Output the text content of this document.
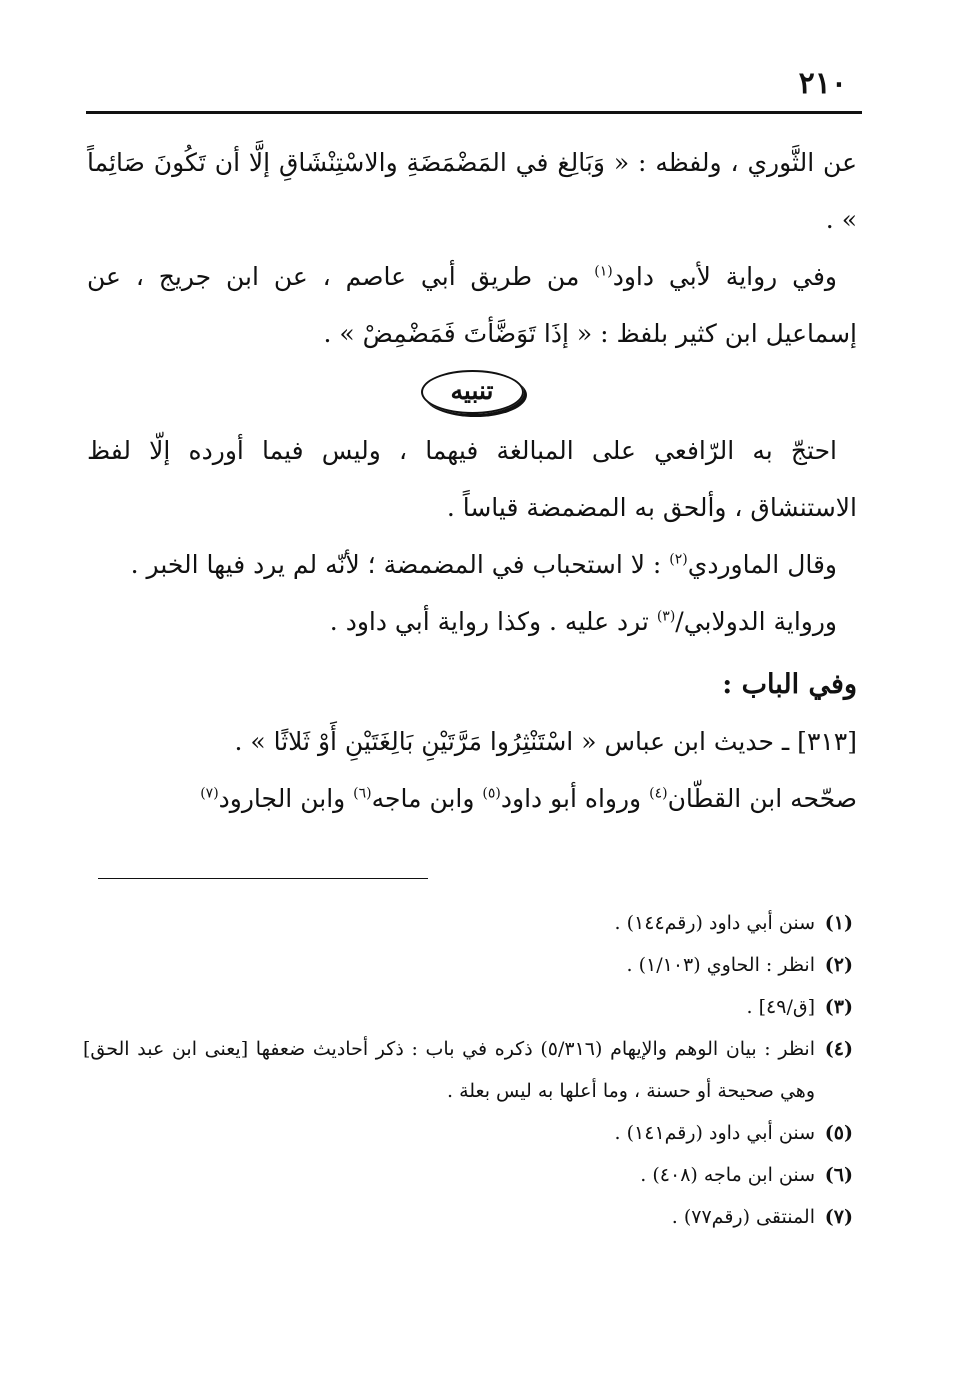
٢١٠

عن الثَّوري ، ولفظه : « وَبَالِغ في المَضْمَضَةِ والاسْتِنْشَاقِ إلَّا أن تَكُونَ صَائِماً » .

وفي رواية لأبي داود$^{(١)}$ من طريق أبي عاصم ، عن ابن جريج ، عن إسماعيل ابن كثير بلفظ : « إذَا تَوَضَّأتَ فَمَضْمِضْ » .

تنبيه

احتجّ به الرّافعي على المبالغة فيهما ، وليس فيما أورده إلّا لفظ الاستنشاق ، وألحق به المضمضة قياساً .

وقال الماوردي$^{(٢)}$ : لا استحباب في المضمضة ؛ لأنّه لم يرد فيها الخبر .

ورواية الدولابي/$^{(٣)}$ ترد عليه . وكذا رواية أبي داود .

وفي الباب :

[٣١٣] ـ حديث ابن عباس « اسْتَنْثِرُوا مَرَّتَيْنِ بَالِغَتَيْنِ أَوْ ثَلاثًا » .

صحّحه ابن القطّان$^{(٤)}$ ورواه أبو داود$^{(٥)}$ وابن ماجه$^{(٦)}$ وابن الجارود$^{(٧)}$

(١)
سنن أبي داود (رقم١٤٤) .
(٢)
انظر : الحاوي (١/١٠٣) .
(٣)
[ق/٤٩] .
(٤)
انظر : بيان الوهم والإيهام (٥/٣١٦) ذكره في باب : ذكر أحاديث ضعفها [يعنى ابن عبد الحق] وهي صحيحة أو حسنة ، وما أعلها به ليس بعلة .
(٥)
سنن أبي داود (رقم١٤١) .
(٦)
سنن ابن ماجه (٤٠٨) .
(٧)
المنتقى (رقم٧٧) .
